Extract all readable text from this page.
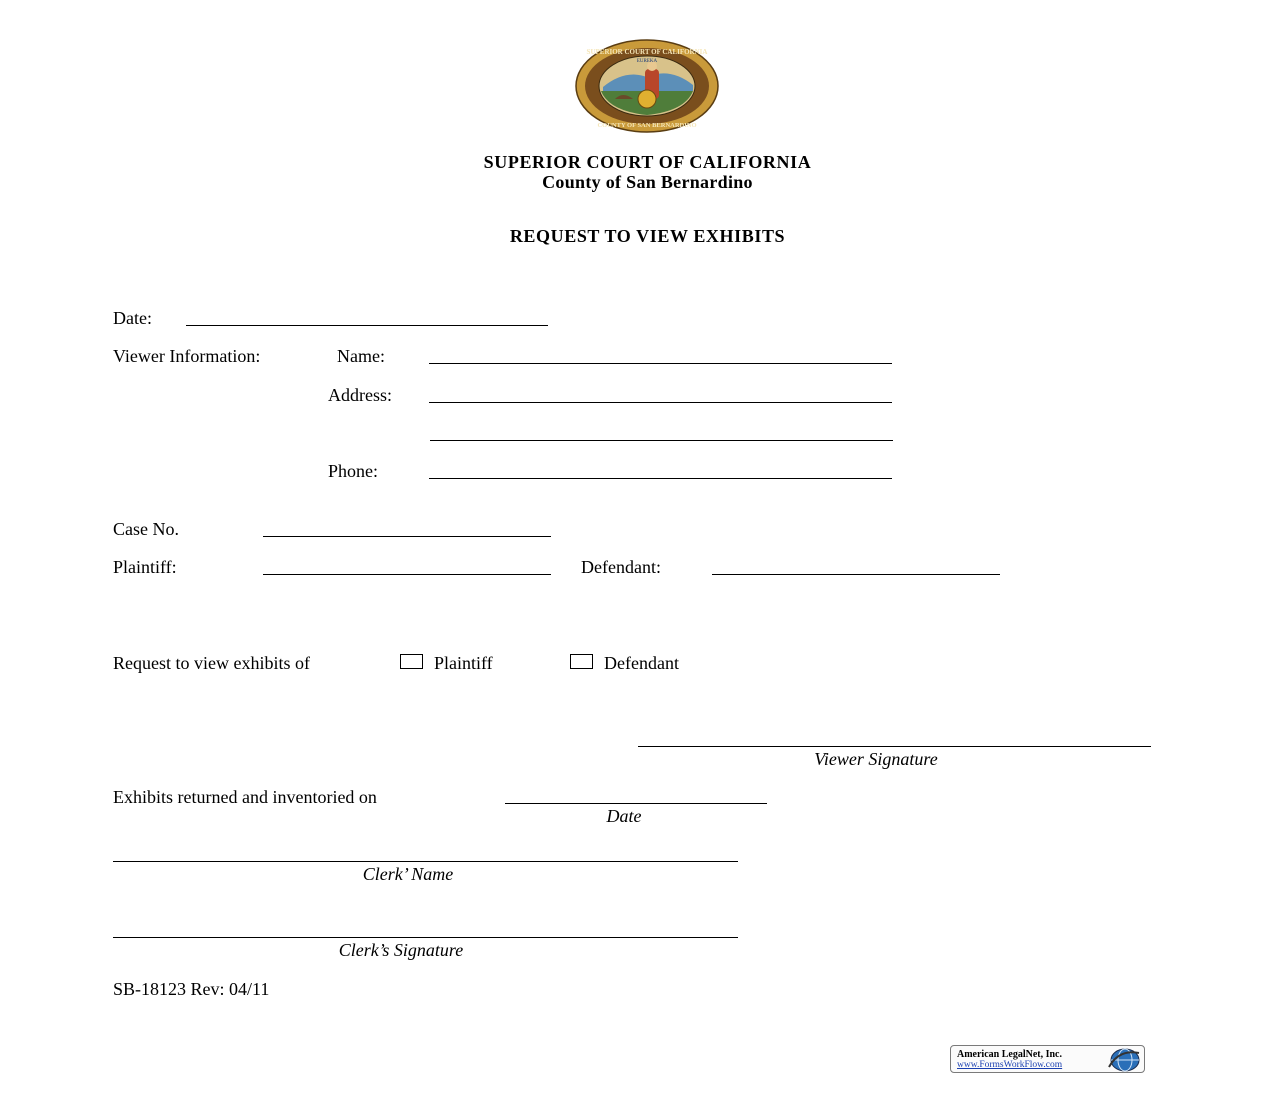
SUPERIOR COURT OF CALIFORNIA
COUNTY OF SAN BERNARDINO
EUREKA
SUPERIOR COURT OF CALIFORNIA
County of San Bernardino
REQUEST TO VIEW EXHIBITS
Date:
Viewer Information:	Name:
Address:
Phone:
Case No.
Plaintiff:	Defendant:
Request to view exhibits of	Plaintiff	Defendant
Viewer Signature
Exhibits returned and inventoried on
Date
Clerk’ Name
Clerk’s Signature
SB-18123 Rev: 04/11
American LegalNet, Inc.
www.FormsWorkFlow.com
